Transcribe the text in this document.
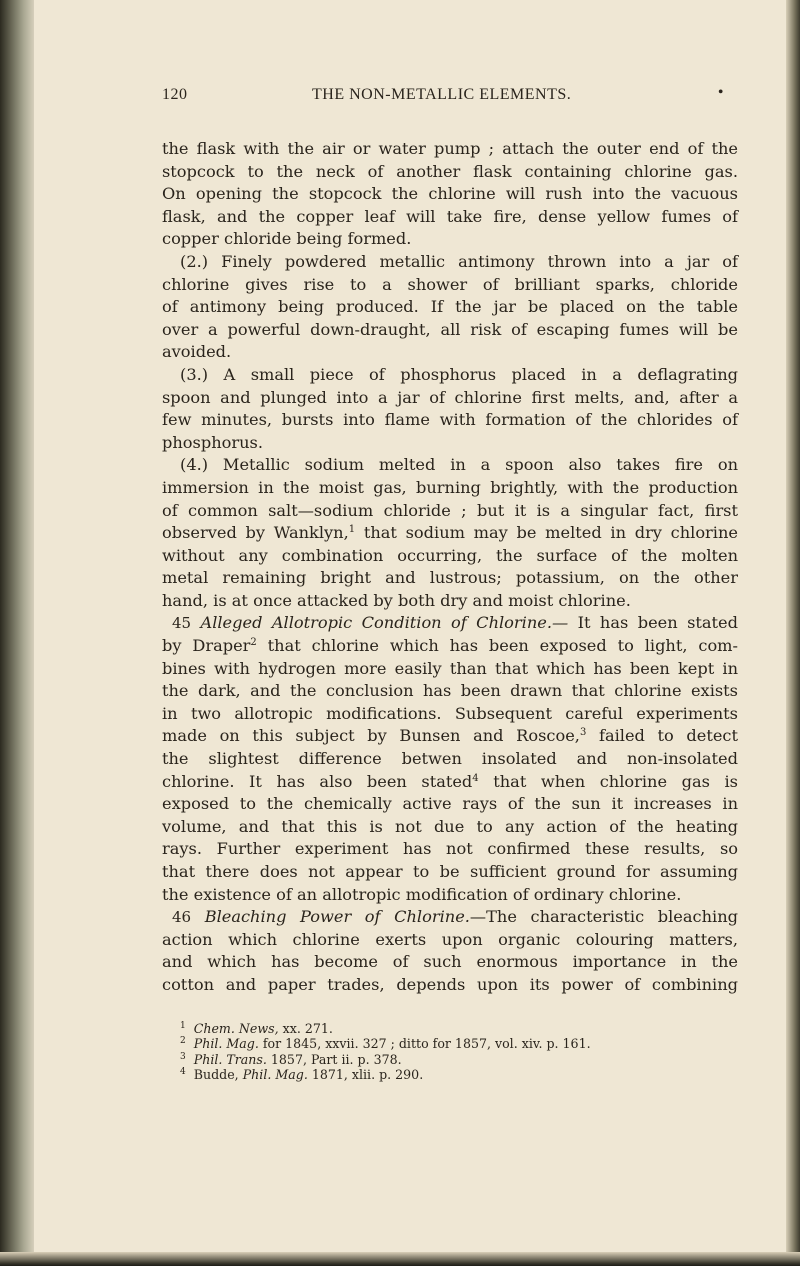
120	THE NON-METALLIC ELEMENTS.	•
the flask with the air or water pump ; attach the outer end of the
stopcock to the neck of another flask containing chlorine gas.
On opening the stopcock the chlorine will rush into the vacuous
flask, and the copper leaf will take fire, dense yellow fumes of
copper chloride being formed.
(2.) Finely powdered metallic antimony thrown into a jar of
chlorine gives rise to a shower of brilliant sparks, chloride
of antimony being produced. If the jar be placed on the table
over a powerful down-draught, all risk of escaping fumes will be
avoided.
(3.) A small piece of phosphorus placed in a deflagrating
spoon and plunged into a jar of chlorine first melts, and, after a
few minutes, bursts into flame with formation of the chlorides of
phosphorus.
(4.) Metallic sodium melted in a spoon also takes fire on
immersion in the moist gas, burning brightly, with the production
of common salt—sodium chloride ; but it is a singular fact, first
observed by Wanklyn,$^1$ that sodium may be melted in dry chlorine
without any combination occurring, the surface of the molten
metal remaining bright and lustrous; potassium, on the other
hand, is at once attacked by both dry and moist chlorine.
45 Alleged Allotropic Condition of Chlorine.— It has been stated
by Draper$^2$ that chlorine which has been exposed to light, com-
bines with hydrogen more easily than that which has been kept in
the dark, and the conclusion has been drawn that chlorine exists
in two allotropic modifications. Subsequent careful experiments
made on this subject by Bunsen and Roscoe,$^3$ failed to detect
the slightest difference betwen insolated and non-insolated
chlorine. It has also been stated$^4$ that when chlorine gas is
exposed to the chemically active rays of the sun it increases in
volume, and that this is not due to any action of the heating
rays. Further experiment has not confirmed these results, so
that there does not appear to be sufficient ground for assuming
the existence of an allotropic modification of ordinary chlorine.
46 Bleaching Power of Chlorine.—The characteristic bleaching
action which chlorine exerts upon organic colouring matters,
and which has become of such enormous importance in the
cotton and paper trades, depends upon its power of combining
$^1$ Chem. News, xx. 271.
$^2$ Phil. Mag. for 1845, xxvii. 327 ; ditto for 1857, vol. xiv. p. 161.
$^3$ Phil. Trans. 1857, Part ii. p. 378.
$^4$ Budde, Phil. Mag. 1871, xlii. p. 290.
